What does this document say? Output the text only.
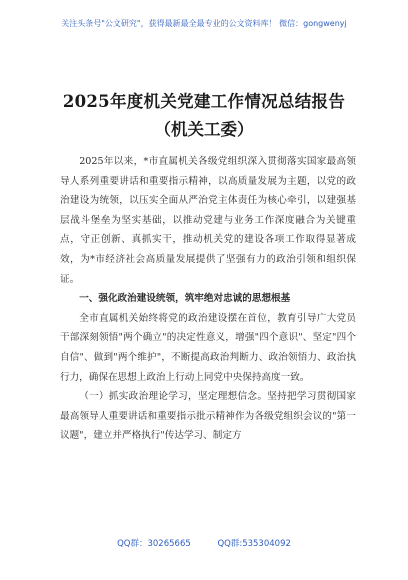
关注头条号"公文研究"，获得最新最全最专业的公文资料库！ 微信：gongwenyj
2025年度机关党建工作情况总结报告
（机关工委）

2025年以来，*市直属机关各级党组织深入贯彻落实国家最高领导人系列重要讲话和重要指示精神，以高质量发展为主题，以党的政治建设为统领，以压实全面从严治党主体责任为核心牵引，以建强基层战斗堡垒为坚实基础，以推动党建与业务工作深度融合为关键重点，守正创新、真抓实干，推动机关党的建设各项工作取得显著成效，为*市经济社会高质量发展提供了坚强有力的政治引领和组织保证。

一、强化政治建设统领，筑牢绝对忠诚的思想根基

全市直属机关始终将党的政治建设摆在首位，教育引导广大党员干部深刻领悟"两个确立"的决定性意义，增强"四个意识"、坚定"四个自信"、做到"两个维护"，不断提高政治判断力、政治领悟力、政治执行力，确保在思想上政治上行动上同党中央保持高度一致。

（一）抓实政治理论学习，坚定理想信念。坚持把学习贯彻国家最高领导人重要讲话和重要指示批示精神作为各级党组织会议的"第一议题"，建立并严格执行"传达学习、制定方

QQ群：30265665	QQ群:535304092
